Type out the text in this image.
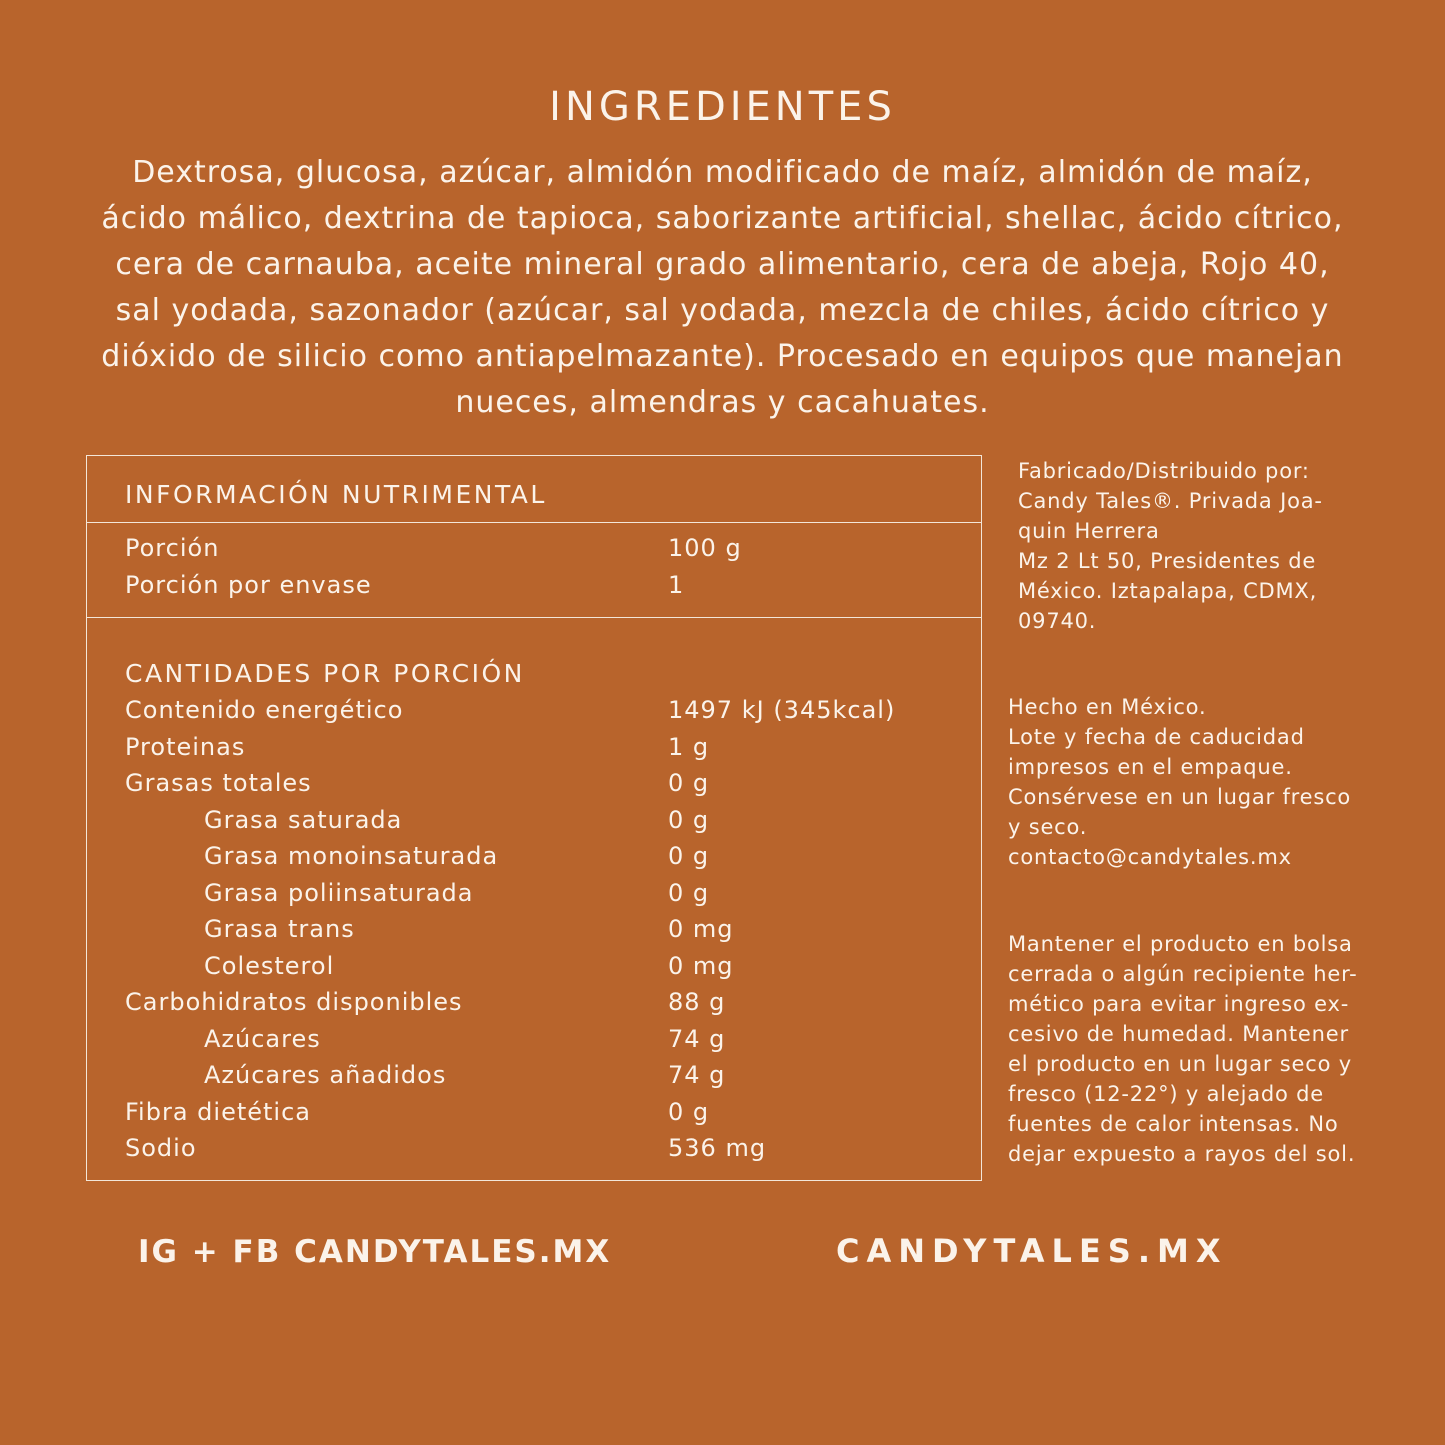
INGREDIENTES

Dextrosa, glucosa, azúcar, almidón modificado de maíz, almidón de maíz,
ácido málico, dextrina de tapioca, saborizante artificial, shellac, ácido cítrico,
cera de carnauba, aceite mineral grado alimentario, cera de abeja, Rojo 40,
sal yodada, sazonador (azúcar, sal yodada, mezcla de chiles, ácido cítrico y
dióxido de silicio como antiapelmazante). Procesado en equipos que manejan
nueces, almendras y cacahuates.

INFORMACIÓN NUTRIMENTAL
Porción	100 g
Porción por envase	1
CANTIDADES POR PORCIÓN
Contenido energético	1497 kJ (345kcal)
Proteinas	1 g
Grasas totales	0 g
Grasa saturada	0 g
Grasa monoinsaturada	0 g
Grasa poliinsaturada	0 g
Grasa trans	0 mg
Colesterol	0 mg
Carbohidratos disponibles	88 g
Azúcares	74 g
Azúcares añadidos	74 g
Fibra dietética	0 g
Sodio	536 mg
Fabricado/Distribuido por:
Candy Tales®. Privada Joa-
quin Herrera
Mz 2 Lt 50, Presidentes de
México. Iztapalapa, CDMX,
09740.
Hecho en México.
Lote y fecha de caducidad
impresos en el empaque.
Consérvese en un lugar fresco
y seco.
contacto@candytales.mx
Mantener el producto en bolsa
cerrada o algún recipiente her-
mético para evitar ingreso ex-
cesivo de humedad. Mantener
el producto en un lugar seco y
fresco (12-22°) y alejado de
fuentes de calor intensas. No
dejar expuesto a rayos del sol.
IG + FB CANDYTALES.MX	CANDYTALES.MX
